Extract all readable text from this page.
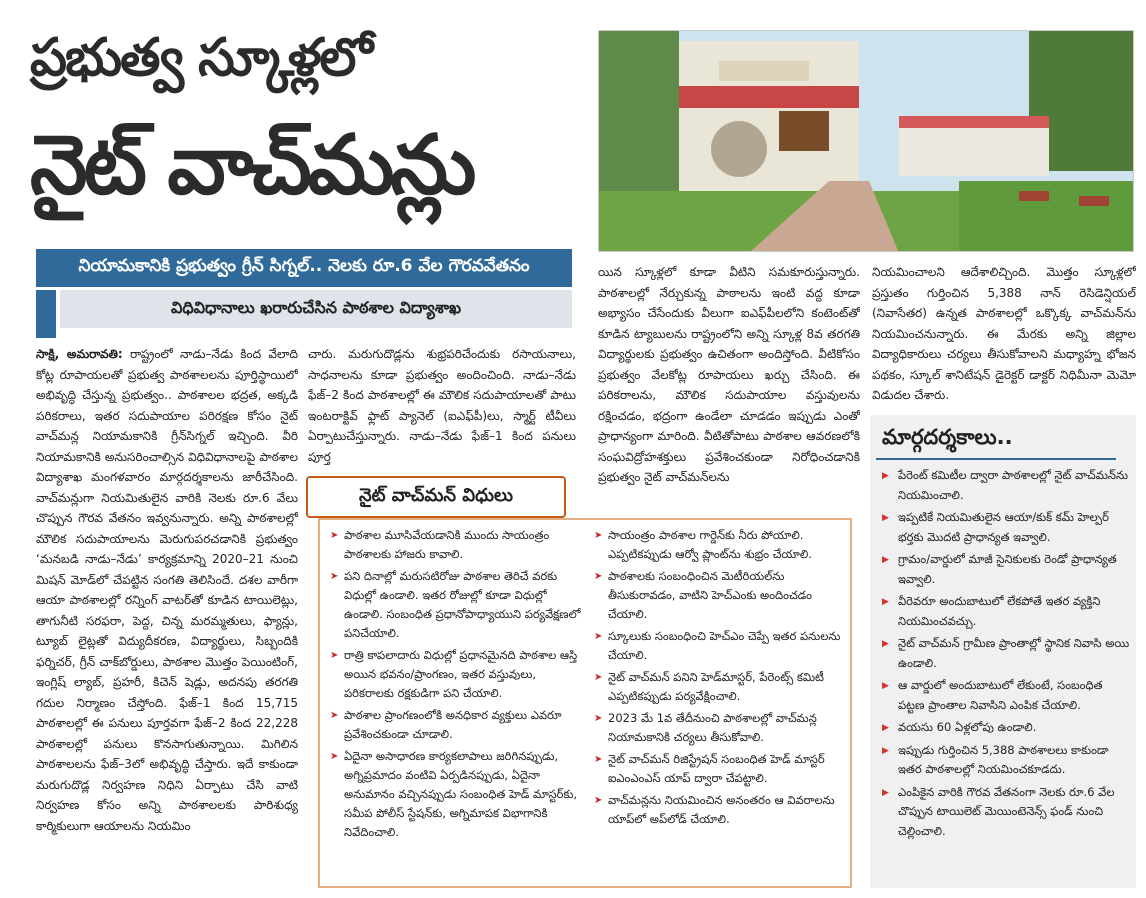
ప్రభుత్వ స్కూళ్లలో
నైట్ వాచ్‌మన్లు
నియామకానికి ప్రభుత్వం గ్రీన్ సిగ్నల్.. నెలకు రూ.6 వేల గౌరవవేతనం
విధివిధానాలు ఖరారుచేసిన పాఠశాల విద్యాశాఖ
సాక్షి, అమరావతి: రాష్ట్రంలో నాడు–నేడు కింద వేలాది కోట్ల రూపాయలతో ప్రభుత్వ పాఠశాలలను పూర్తిస్థాయిలో అభివృద్ధి చేస్తున్న ప్రభుత్వం.. పాఠశాలల భద్రత, అక్కడి పరికరాలు, ఇతర సదుపాయాల పరిరక్షణ కోసం నైట్ వాచ్‌మన్ల నియామకానికి గ్రీన్‌సిగ్నల్ ఇచ్చింది. వీరి నియామకానికి అనుసరించాల్సిన విధివిధానాలపై పాఠశాల విద్యాశాఖ మంగళవారం మార్గదర్శకాలను జారీచేసింది. వాచ్‌మన్లుగా నియమితులైన వారికి నెలకు రూ.6 వేలు చొప్పున గౌరవ వేతనం ఇవ్వనున్నారు. అన్ని పాఠశాలల్లో మౌలిక సదుపాయాలను మెరుగుపరచడానికి ప్రభుత్వం ‘మనబడి నాడు–నేడు’ కార్యక్రమాన్ని 2020–21 నుంచి మిషన్ మోడ్‌లో చేపట్టిన సంగతి తెలిసిందే. దశల వారీగా ఆయా పాఠశాలల్లో రన్నింగ్ వాటర్‌తో కూడిన టాయిలెట్లు, తాగునీటి సరఫరా, పెద్ద, చిన్న మరమ్మతులు, ఫ్యాన్లు, ట్యూబ్ లైట్లతో విద్యుదీకరణ, విద్యార్థులు, సిబ్బందికి ఫర్నిచర్, గ్రీన్ చాక్‌బోర్డులు, పాఠశాల మొత్తం పెయింటింగ్, ఇంగ్లిష్ ల్యాబ్, ప్రహరీ, కిచెన్ షెడ్లు, అదనపు తరగతి గదుల నిర్మాణం చేస్తోంది. ఫేజ్–1 కింద 15,715 పాఠశాలల్లో ఈ పనులు పూర్తవగా ఫేజ్–2 కింద 22,228 పాఠశాలల్లో పనులు కొనసాగుతున్నాయి. మిగిలిన పాఠశాలలను ఫేజ్–3లో అభివృద్ధి చేస్తారు. ఇదే కాకుండా మరుగుదొడ్ల నిర్వహణ నిధిని ఏర్పాటు చేసి వాటి నిర్వహణ కోసం అన్ని పాఠశాలలకు పారిశుధ్య కార్మికులుగా ఆయాలను నియమిం
చారు. మరుగుదొడ్లను శుభ్రపరిచేందుకు రసాయనాలు, సాధనాలను కూడా ప్రభుత్వం అందించింది. నాడు–నేడు ఫేజ్–2 కింద పాఠశాలల్లో ఈ మౌలిక సదుపాయాలతో పాటు ఇంటరాక్టివ్ ఫ్లాట్ ప్యానెల్ (ఐఎఫ్‌పీ)లు, స్మార్ట్ టీవీలు ఏర్పాటుచేస్తున్నారు. నాడు–నేడు ఫేజ్–1 కింద పనులు పూర్త
యిన స్కూళ్లలో కూడా వీటిని సమకూరుస్తున్నారు. పాఠశాలల్లో నేర్చుకున్న పాఠాలను ఇంటి వద్ద కూడా అభ్యాసం చేసేందుకు వీలుగా ఐఎఫ్‌పీలలోని కంటెంట్‌తో కూడిన ట్యాబులను రాష్ట్రంలోని అన్ని స్కూళ్ల 8వ తరగతి విద్యార్థులకు ప్రభుత్వం ఉచితంగా అందిస్తోంది. వీటికోసం ప్రభుత్వం వేలకోట్ల రూపాయలు ఖర్చు చేసింది. ఈ పరికరాలను, మౌలిక సదుపాయాల వస్తువులను రక్షించడం, భద్రంగా ఉండేలా చూడడం ఇప్పుడు ఎంతో ప్రాధాన్యంగా మారింది. వీటితోపాటు పాఠశాల ఆవరణలోకి సంఘవిద్రోహశక్తులు ప్రవేశించకుండా నిరోధించడానికి ప్రభుత్వం నైట్ వాచ్‌మన్‌లను
నియమించాలని ఆదేశాలిచ్చింది. మొత్తం స్కూళ్లలో ప్రస్తుతం గుర్తించిన 5,388 నాన్ రెసిడెన్షియల్ (నివాసేతర) ఉన్నత పాఠశాలల్లో ఒక్కొక్క వాచ్‌మన్‌ను నియమించనున్నారు. ఈ మేరకు అన్ని జిల్లాల విద్యాధికారులు చర్యలు తీసుకోవాలని మధ్యాహ్న భోజన పథకం, స్కూల్ శానిటేషన్ డైరెక్టర్ డాక్టర్ నిధిమీనా మెమో విడుదల చేశారు.
నైట్ వాచ్‌మన్ విధులు
➤ పాఠశాల మూసివేయడానికి ముందు సాయంత్రం పాఠశాలకు హాజరు కావాలి.
➤ పని దినాల్లో మరుసటిరోజు పాఠశాల తెరిచే వరకు విధుల్లో ఉండాలి. ఇతర రోజుల్లో కూడా విధుల్లో ఉండాలి. సంబంధిత ప్రధానోపాధ్యాయుని పర్యవేక్షణలో పనిచేయాలి.
➤ రాత్రి కాపలాదారు విధుల్లో ప్రధానమైనది పాఠశాల ఆస్తి అయిన భవనం/ప్రాంగణం, ఇతర వస్తువులు, పరికరాలకు రక్షకుడిగా పని చేయాలి.
➤ పాఠశాల ప్రాంగణంలోకి అనధికార వ్యక్తులు ఎవరూ ప్రవేశించకుండా చూడాలి.
➤ ఏదైనా అసాధారణ కార్యకలాపాలు జరిగినప్పుడు, అగ్నిప్రమాదం వంటివి ఏర్పడినప్పుడు, ఏదైనా అనుమానం వచ్చినప్పుడు సంబంధిత హెడ్ మాస్టర్‌కు, సమీప పోలీస్ స్టేషన్‌కు, అగ్నిమాపక విభాగానికి నివేదించాలి.
➤ సాయంత్రం పాఠశాల గార్డెన్‌కు నీరు పోయాలి. ఎప్పటికప్పుడు ఆర్వో ప్లాంట్‌ను శుభ్రం చేయాలి.
➤ పాఠశాలకు సంబంధించిన మెటీరియల్‌ను తీసుకురావడం, వాటిని హెచ్ఎంకు అందించడం చేయాలి.
➤ స్కూలుకు సంబంధించి హెచ్ఎం చెప్పే ఇతర పనులను చేయాలి.
➤ నైట్ వాచ్‌మన్ పనిని హెడ్‌మాస్టర్, పేరెంట్స్ కమిటీ ఎప్పటికప్పుడు పర్యవేక్షించాలి.
➤ 2023 మే 1వ తేదీనుంచి పాఠశాలల్లో వాచ్‌మన్ల నియామకానికి చర్యలు తీసుకోవాలి.
➤ నైట్ వాచ్‌మన్ రిజిస్ట్రేషన్ సంబంధిత హెడ్ మాస్టర్ ఐఎంఎంఎస్ యాప్ ద్వారా చేపట్టాలి.
➤ వాచ్‌మన్లను నియమించిన అనంతరం ఆ వివరాలను యాప్‌లో అప్‌లోడ్ చేయాలి.
మార్గదర్శకాలు..
▶ పేరెంట్ కమిటీల ద్వారా పాఠశాలల్లో నైట్ వాచ్‌మన్‌ను నియమించాలి.
▶ ఇప్పటికే నియమితులైన ఆయా/కుక్ కమ్ హెల్పర్ భర్తకు మొదటి ప్రాధాన్యత ఇవ్వాలి.
▶ గ్రామం/వార్డులో మాజీ సైనికులకు రెండో ప్రాధాన్యత ఇవ్వాలి.
▶ వీరెవరూ అందుబాటులో లేకపోతే ఇతర వ్యక్తిని నియమించవచ్చు.
▶ నైట్ వాచ్‌మన్ గ్రామీణ ప్రాంతాల్లో స్థానిక నివాసి అయి ఉండాలి.
▶ ఆ వార్డులో అందుబాటులో లేకుంటే, సంబంధిత పట్టణ ప్రాంతాల నివాసిని ఎంపిక చేయాలి.
▶ వయసు 60 ఏళ్లలోపు ఉండాలి.
▶ ఇప్పుడు గుర్తించిన 5,388 పాఠశాలలు కాకుండా ఇతర పాఠశాలల్లో నియమించకూడదు.
▶ ఎంపికైన వారికి గౌరవ వేతనంగా నెలకు రూ.6 వేల చొప్పున టాయిలెట్ మెయింటెనెన్స్ ఫండ్ నుంచి చెల్లించాలి.
